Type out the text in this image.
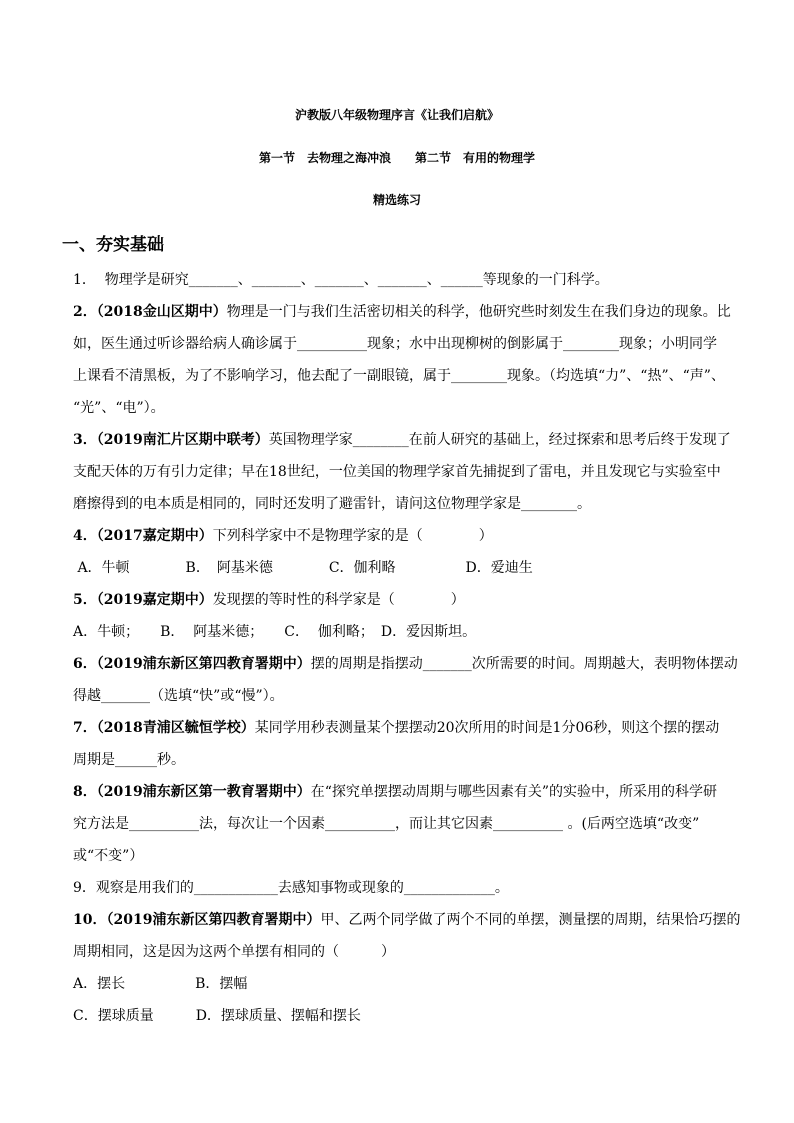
沪教版八年级物理序言《让我们启航》
第一节　去物理之海冲浪　　第二节　有用的物理学
精选练习
一、夯实基础
1．  物理学是研究_______、_______、_______、_______、______等现象的一门科学。
2．（2018金山区期中）物理是一门与我们生活密切相关的科学，他研究些时刻发生在我们身边的现象。比
如，医生通过听诊器给病人确诊属于__________现象；水中出现柳树的倒影属于________现象；小明同学
上课看不清黑板，为了不影响学习，他去配了一副眼镜，属于________现象。（均选填“力”、“热”、“声”、
“光”、“电”）。
3．（2019南汇片区期中联考）英国物理学家________在前人研究的基础上，经过探索和思考后终于发现了
支配天体的万有引力定律；早在18世纪，一位美国的物理学家首先捕捉到了雷电，并且发现它与实验室中
磨擦得到的电本质是相同的，同时还发明了避雷针，请问这位物理学家是________。
4．（2017嘉定期中）下列科学家中不是物理学家的是（　　　　）
A．牛顿　　　　B．　阿基米德　　　　C．伽利略　　　　　D．爱迪生
5．（2019嘉定期中）发现摆的等时性的科学家是（　　　　）
A．牛顿；　　B．  阿基米德；　　C．  伽利略；　D．爱因斯坦。
6．（2019浦东新区第四教育署期中）摆的周期是指摆动_______次所需要的时间。周期越大，表明物体摆动
得越_______（选填“快”或“慢”）。
7．（2018青浦区毓恒学校）某同学用秒表测量某个摆摆动20次所用的时间是1分06秒，则这个摆的摆动
周期是______秒。
8．（2019浦东新区第一教育署期中）在“探究单摆摆动周期与哪些因素有关”的实验中，所采用的科学研
究方法是__________法，每次让一个因素__________，而让其它因素__________ 。(后两空选填“改变”
或“不变”）
9．观察是用我们的____________去感知事物或现象的_____________。
10．（2019浦东新区第四教育署期中）甲、乙两个同学做了两个不同的单摆，测量摆的周期，结果恰巧摆的
周期相同，这是因为这两个单摆有相同的（　　　）
A．摆长　　　　　B．摆幅
C．摆球质量　　　D．摆球质量、摆幅和摆长
